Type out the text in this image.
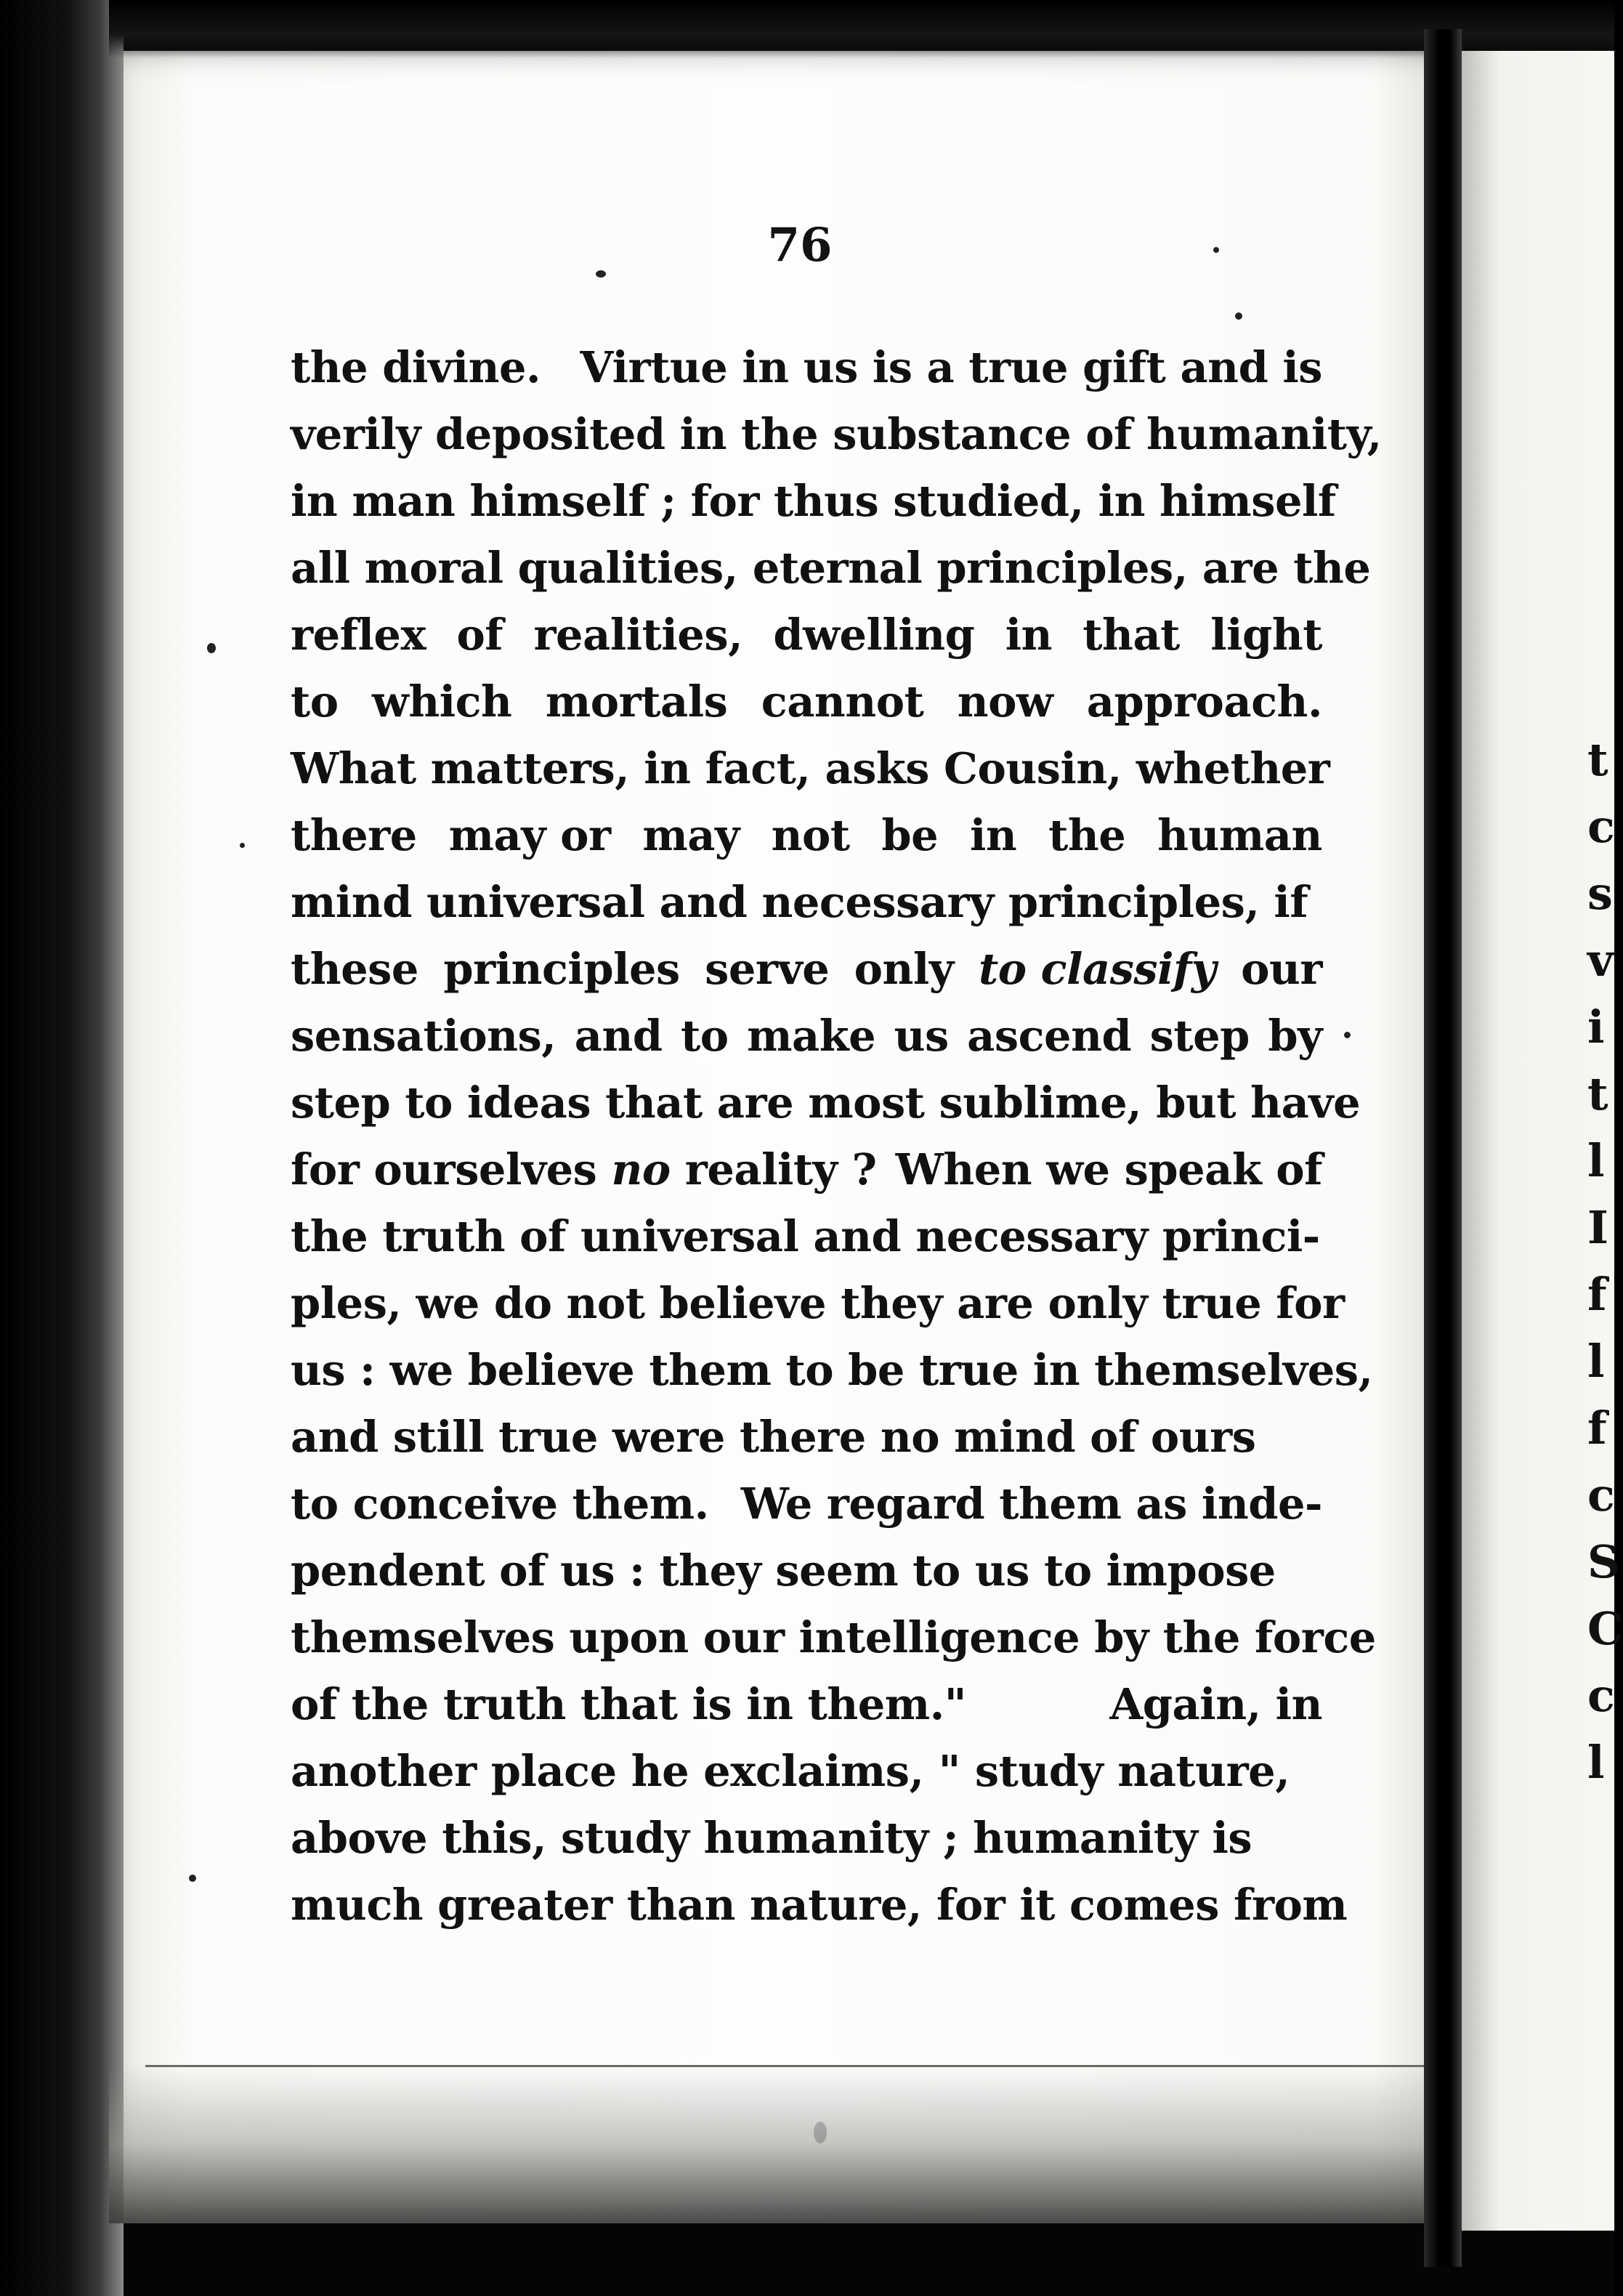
t
c
s
v
i
t
l
I
f
l
f
c
S
C
c
l
76
the divine. Virtue in us is a true gift and is
verily deposited in the substance of humanity,
in man himself ; for thus studied, in himself
all moral qualities, eternal principles, are the
reflex of realities, dwelling in that light
to which mortals cannot now approach.
What matters, in fact, asks Cousin, whether
there may or may not be in the human
mind universal and necessary principles, if
these principles serve only to classify our
sensations, and to make us ascend step by
step to ideas that are most sublime, but have
for ourselves no reality ? When we speak of
the truth of universal and necessary princi-
ples, we do not believe they are only true for
us : we believe them to be true in themselves,
and still true were there no mind of ours
to conceive them. We regard them as inde-
pendent of us : they seem to us to impose
themselves upon our intelligence by the force
of the truth that is in them."	Again, in
another place he exclaims, " study nature,
above this, study humanity ; humanity is
much greater than nature, for it comes from
